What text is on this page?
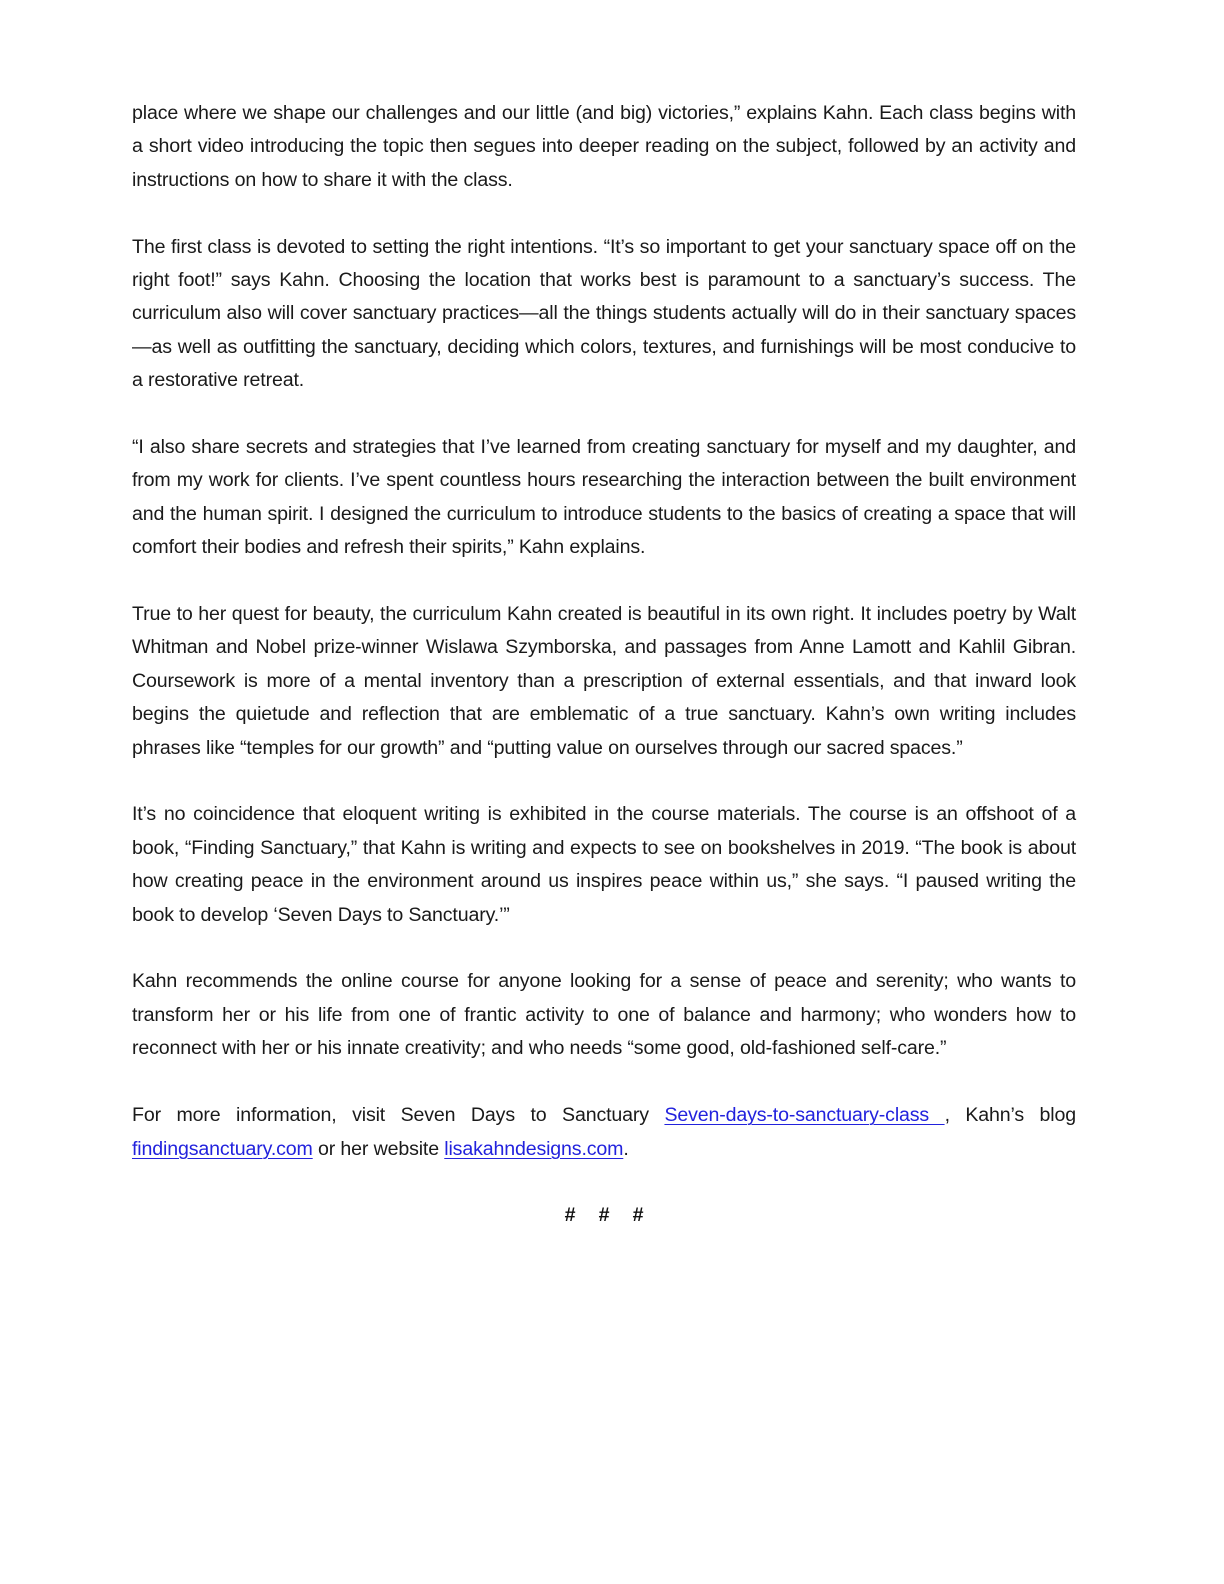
place where we shape our challenges and our little (and big) victories,” explains Kahn. Each class begins with a short video introducing the topic then segues into deeper reading on the subject, followed by an activity and instructions on how to share it with the class.

The first class is devoted to setting the right intentions. “It’s so important to get your sanctuary space off on the right foot!” says Kahn. Choosing the location that works best is paramount to a sanctuary’s success. The curriculum also will cover sanctuary practices—all the things students actually will do in their sanctuary spaces—as well as outfitting the sanctuary, deciding which colors, textures, and furnishings will be most conducive to a restorative retreat.

“I also share secrets and strategies that I’ve learned from creating sanctuary for myself and my daughter, and from my work for clients. I’ve spent countless hours researching the interaction between the built environment and the human spirit. I designed the curriculum to introduce students to the basics of creating a space that will comfort their bodies and refresh their spirits,” Kahn explains.

True to her quest for beauty, the curriculum Kahn created is beautiful in its own right. It includes poetry by Walt Whitman and Nobel prize-winner Wislawa Szymborska, and passages from Anne Lamott and Kahlil Gibran. Coursework is more of a mental inventory than a prescription of external essentials, and that inward look begins the quietude and reflection that are emblematic of a true sanctuary. Kahn’s own writing includes phrases like “temples for our growth” and “putting value on ourselves through our sacred spaces.”

It’s no coincidence that eloquent writing is exhibited in the course materials. The course is an offshoot of a book, “Finding Sanctuary,” that Kahn is writing and expects to see on bookshelves in 2019. “The book is about how creating peace in the environment around us inspires peace within us,” she says. “I paused writing the book to develop ‘Seven Days to Sanctuary.’”

Kahn recommends the online course for anyone looking for a sense of peace and serenity; who wants to transform her or his life from one of frantic activity to one of balance and harmony; who wonders how to reconnect with her or his innate creativity; and who needs “some good, old-fashioned self-care.”

For more information, visit Seven Days to Sanctuary Seven-days-to-sanctuary-class , Kahn’s blog findingsanctuary.com or her website lisakahndesigns.com.

# # #
